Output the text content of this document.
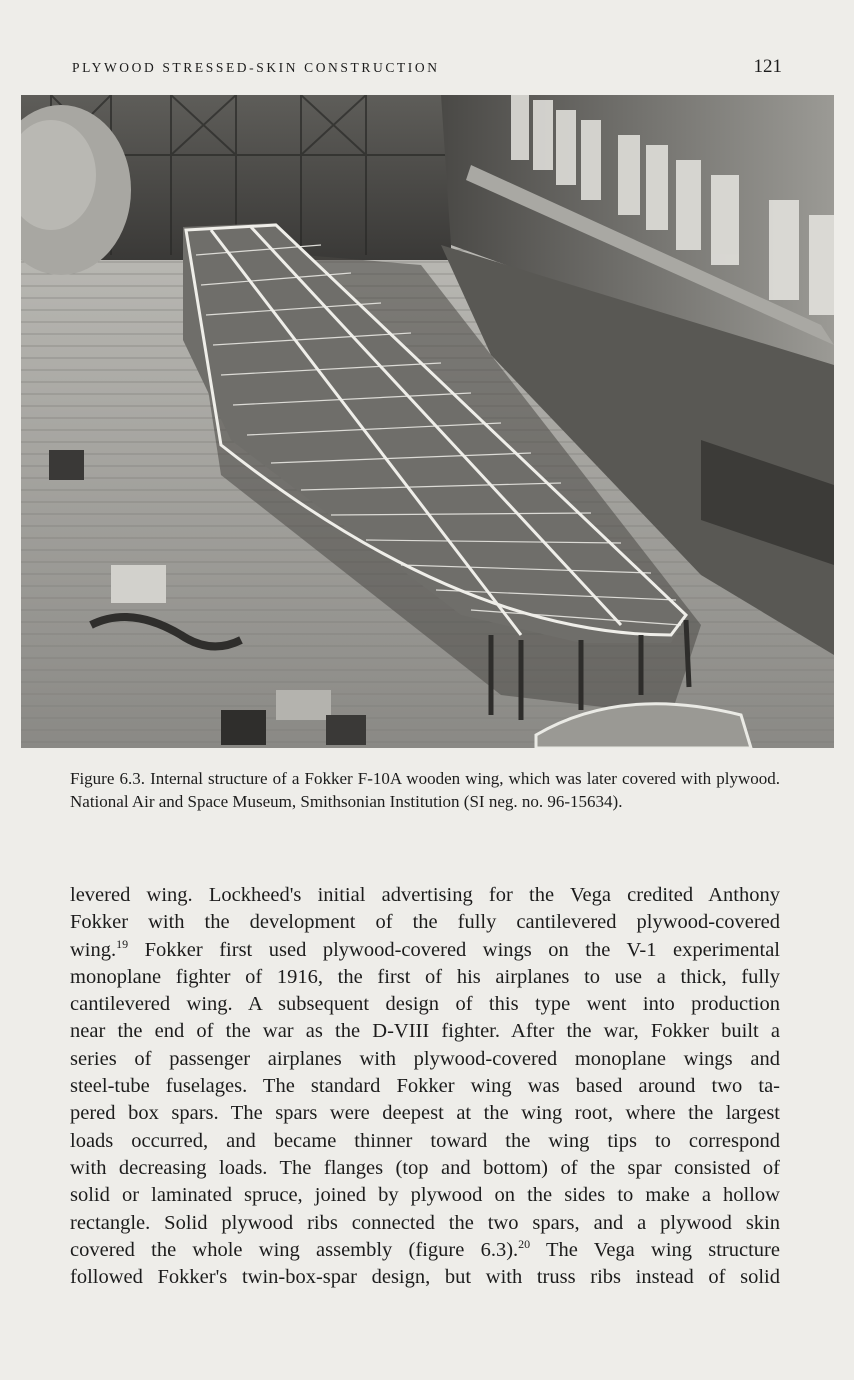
PLYWOOD STRESSED-SKIN CONSTRUCTION	121
Figure 6.3. Internal structure of a Fokker F-10A wooden wing, which was later covered with plywood. National Air and Space Museum, Smithsonian Institution (SI neg. no. 96-15634).
levered wing. Lockheed's initial advertising for the Vega credited Anthony
Fokker with the development of the fully cantilevered plywood-covered
wing.$^{19}$ Fokker first used plywood-covered wings on the V-1 experimental
monoplane fighter of 1916, the first of his airplanes to use a thick, fully
cantilevered wing. A subsequent design of this type went into production
near the end of the war as the D-VIII fighter. After the war, Fokker built a
series of passenger airplanes with plywood-covered monoplane wings and
steel-tube fuselages. The standard Fokker wing was based around two ta-
pered box spars. The spars were deepest at the wing root, where the largest
loads occurred, and became thinner toward the wing tips to correspond
with decreasing loads. The flanges (top and bottom) of the spar consisted of
solid or laminated spruce, joined by plywood on the sides to make a hollow
rectangle. Solid plywood ribs connected the two spars, and a plywood skin
covered the whole wing assembly (figure 6.3).$^{20}$ The Vega wing structure
followed Fokker's twin-box-spar design, but with truss ribs instead of solid
